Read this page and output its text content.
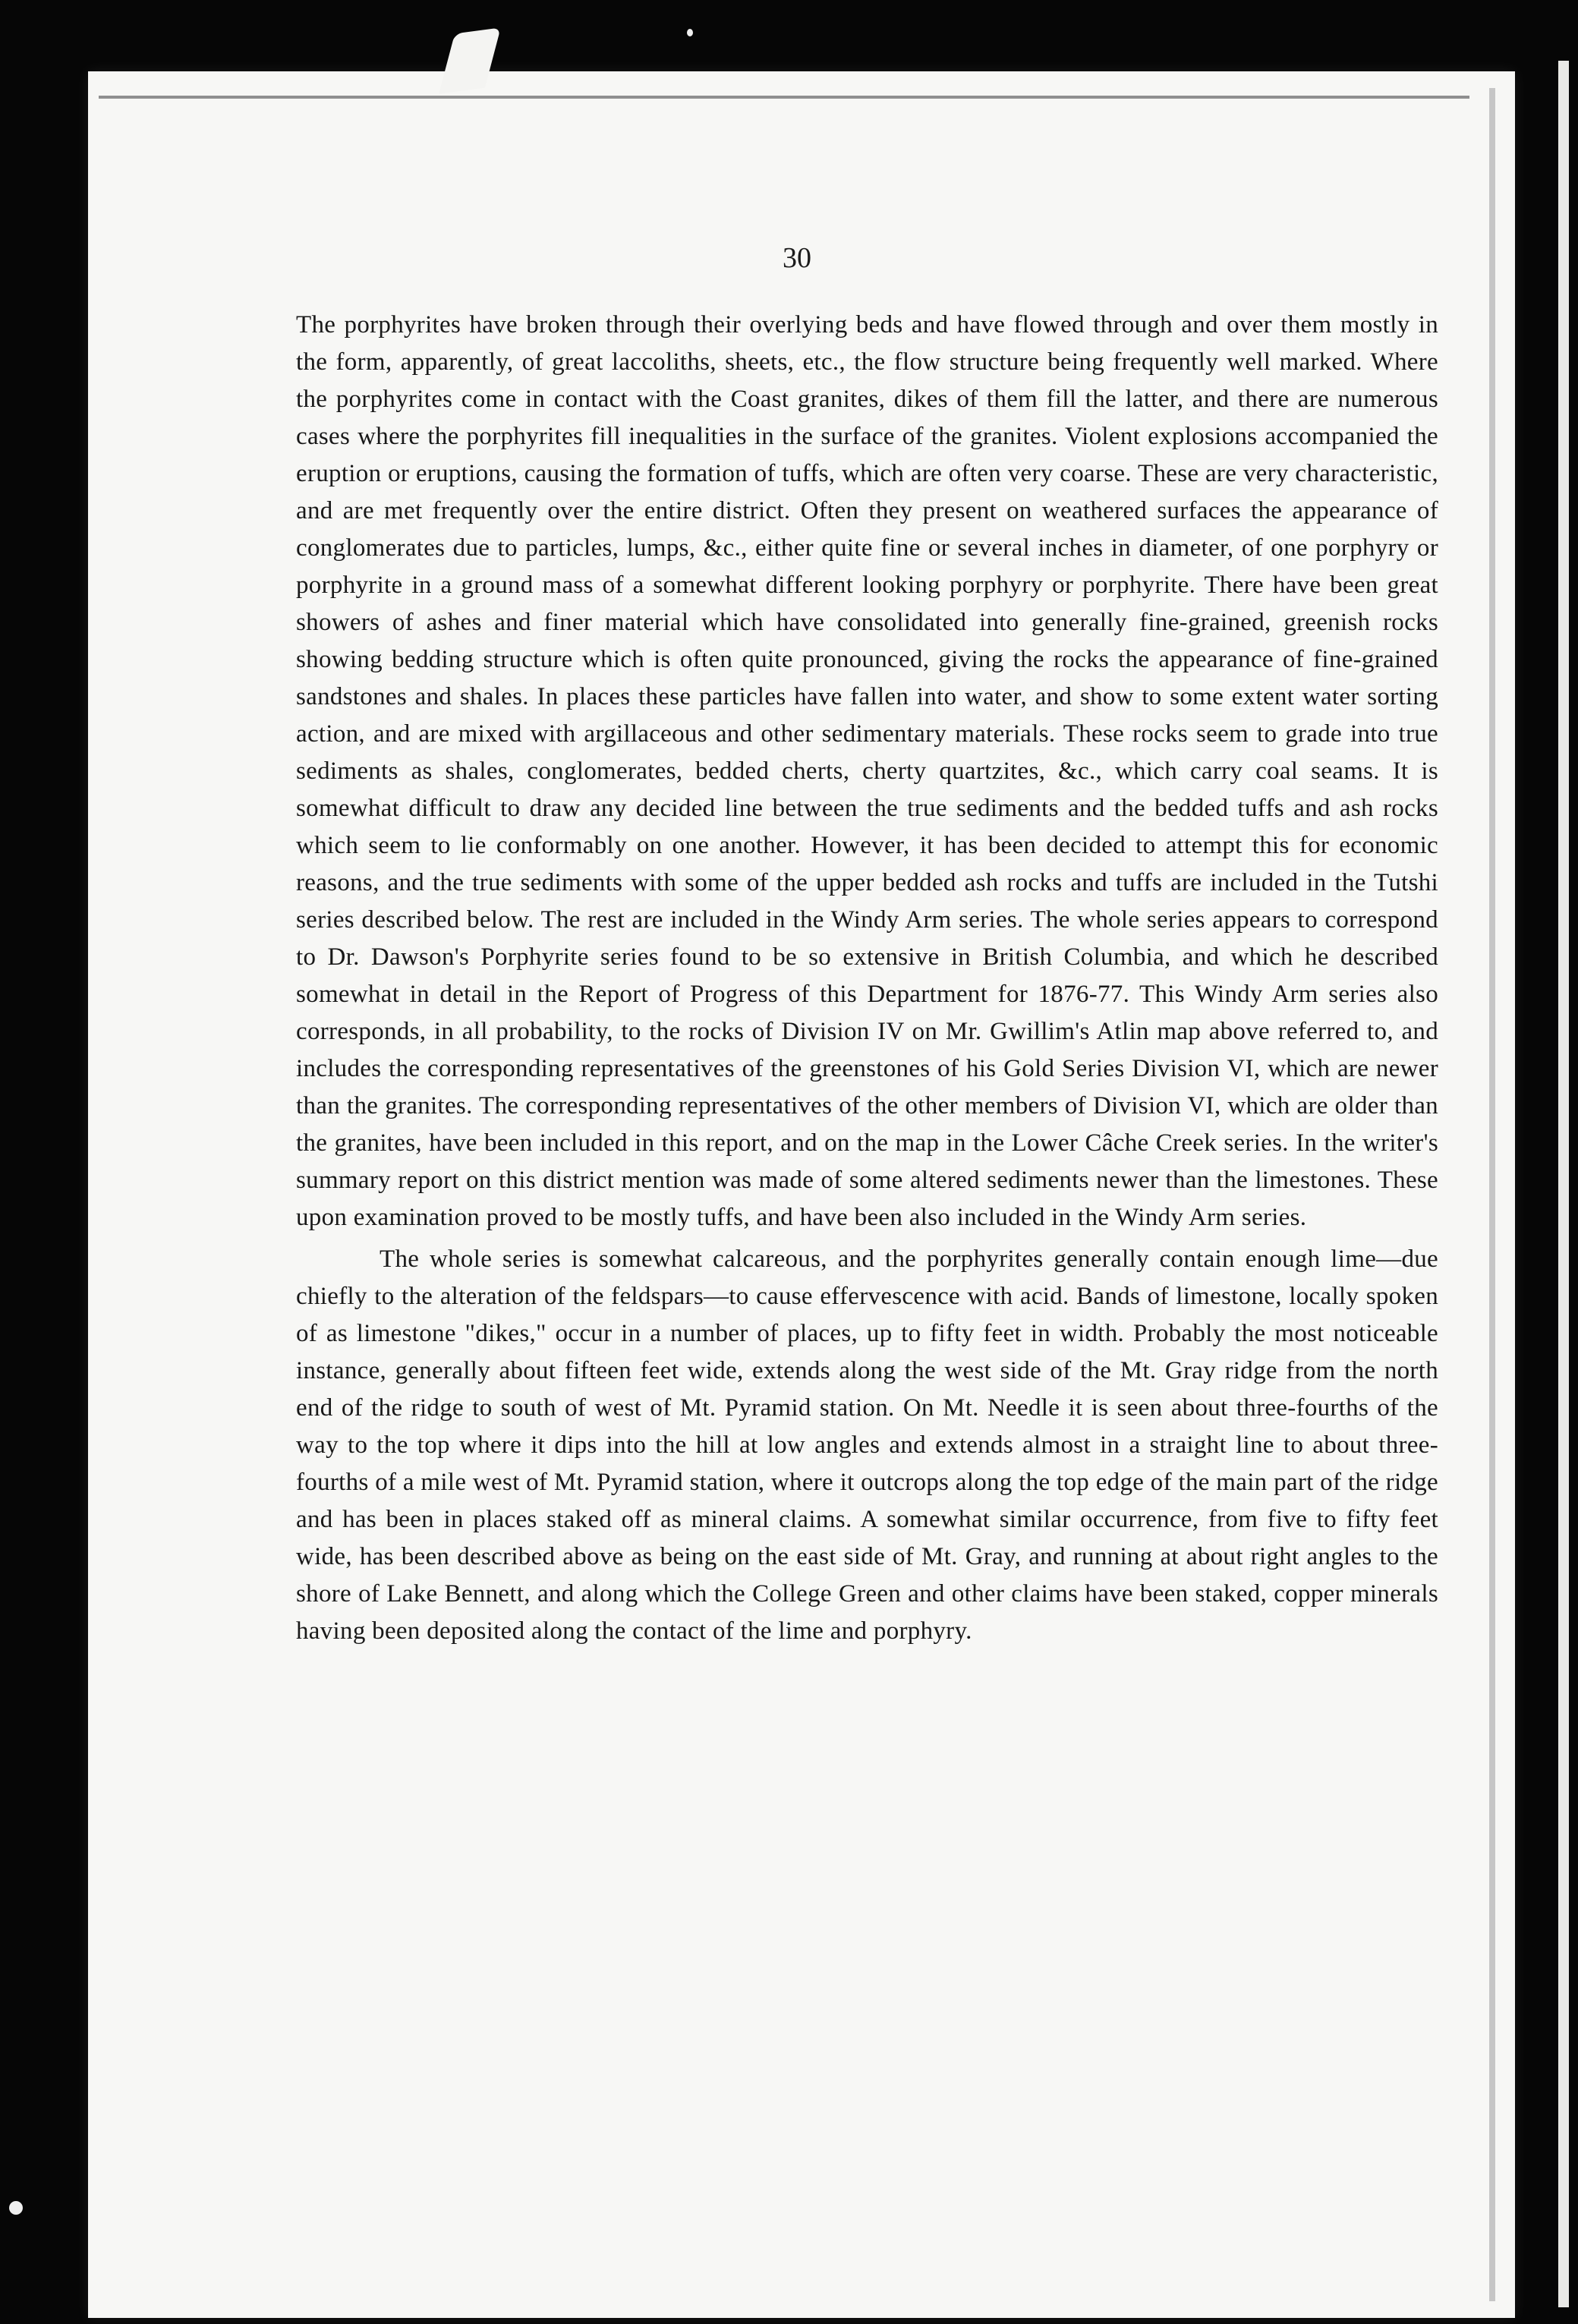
30

The porphyrites have broken through their overlying beds and have flowed through and over them mostly in the form, apparently, of great laccoliths, sheets, etc., the flow structure being frequently well marked. Where the porphyrites come in contact with the Coast granites, dikes of them fill the latter, and there are numerous cases where the porphyrites fill inequalities in the surface of the granites. Violent explosions accompanied the eruption or eruptions, causing the formation of tuffs, which are often very coarse. These are very characteristic, and are met frequently over the entire district. Often they present on weathered surfaces the appearance of conglomerates due to particles, lumps, &c., either quite fine or several inches in diameter, of one porphyry or porphyrite in a ground mass of a somewhat different looking porphyry or porphyrite. There have been great showers of ashes and finer material which have consolidated into generally fine-grained, greenish rocks showing bedding structure which is often quite pronounced, giving the rocks the appearance of fine-grained sandstones and shales. In places these particles have fallen into water, and show to some extent water sorting action, and are mixed with argillaceous and other sedimentary materials. These rocks seem to grade into true sediments as shales, conglomerates, bedded cherts, cherty quartzites, &c., which carry coal seams. It is somewhat difficult to draw any decided line between the true sediments and the bedded tuffs and ash rocks which seem to lie conformably on one another. However, it has been decided to attempt this for economic reasons, and the true sediments with some of the upper bedded ash rocks and tuffs are included in the Tutshi series described below. The rest are included in the Windy Arm series. The whole series appears to correspond to Dr. Dawson's Porphyrite series found to be so extensive in British Columbia, and which he described somewhat in detail in the Report of Progress of this Department for 1876-77. This Windy Arm series also corresponds, in all probability, to the rocks of Division IV on Mr. Gwillim's Atlin map above referred to, and includes the corresponding representatives of the greenstones of his Gold Series Division VI, which are newer than the granites. The corresponding representatives of the other members of Division VI, which are older than the granites, have been included in this report, and on the map in the Lower Câche Creek series. In the writer's summary report on this district mention was made of some altered sediments newer than the limestones. These upon examination proved to be mostly tuffs, and have been also included in the Windy Arm series.

The whole series is somewhat calcareous, and the porphyrites generally contain enough lime—due chiefly to the alteration of the feldspars—to cause effervescence with acid. Bands of limestone, locally spoken of as limestone "dikes," occur in a number of places, up to fifty feet in width. Probably the most noticeable instance, generally about fifteen feet wide, extends along the west side of the Mt. Gray ridge from the north end of the ridge to south of west of Mt. Pyramid station. On Mt. Needle it is seen about three-fourths of the way to the top where it dips into the hill at low angles and extends almost in a straight line to about three-fourths of a mile west of Mt. Pyramid station, where it outcrops along the top edge of the main part of the ridge and has been in places staked off as mineral claims. A somewhat similar occurrence, from five to fifty feet wide, has been described above as being on the east side of Mt. Gray, and running at about right angles to the shore of Lake Bennett, and along which the College Green and other claims have been staked, copper minerals having been deposited along the contact of the lime and porphyry.
